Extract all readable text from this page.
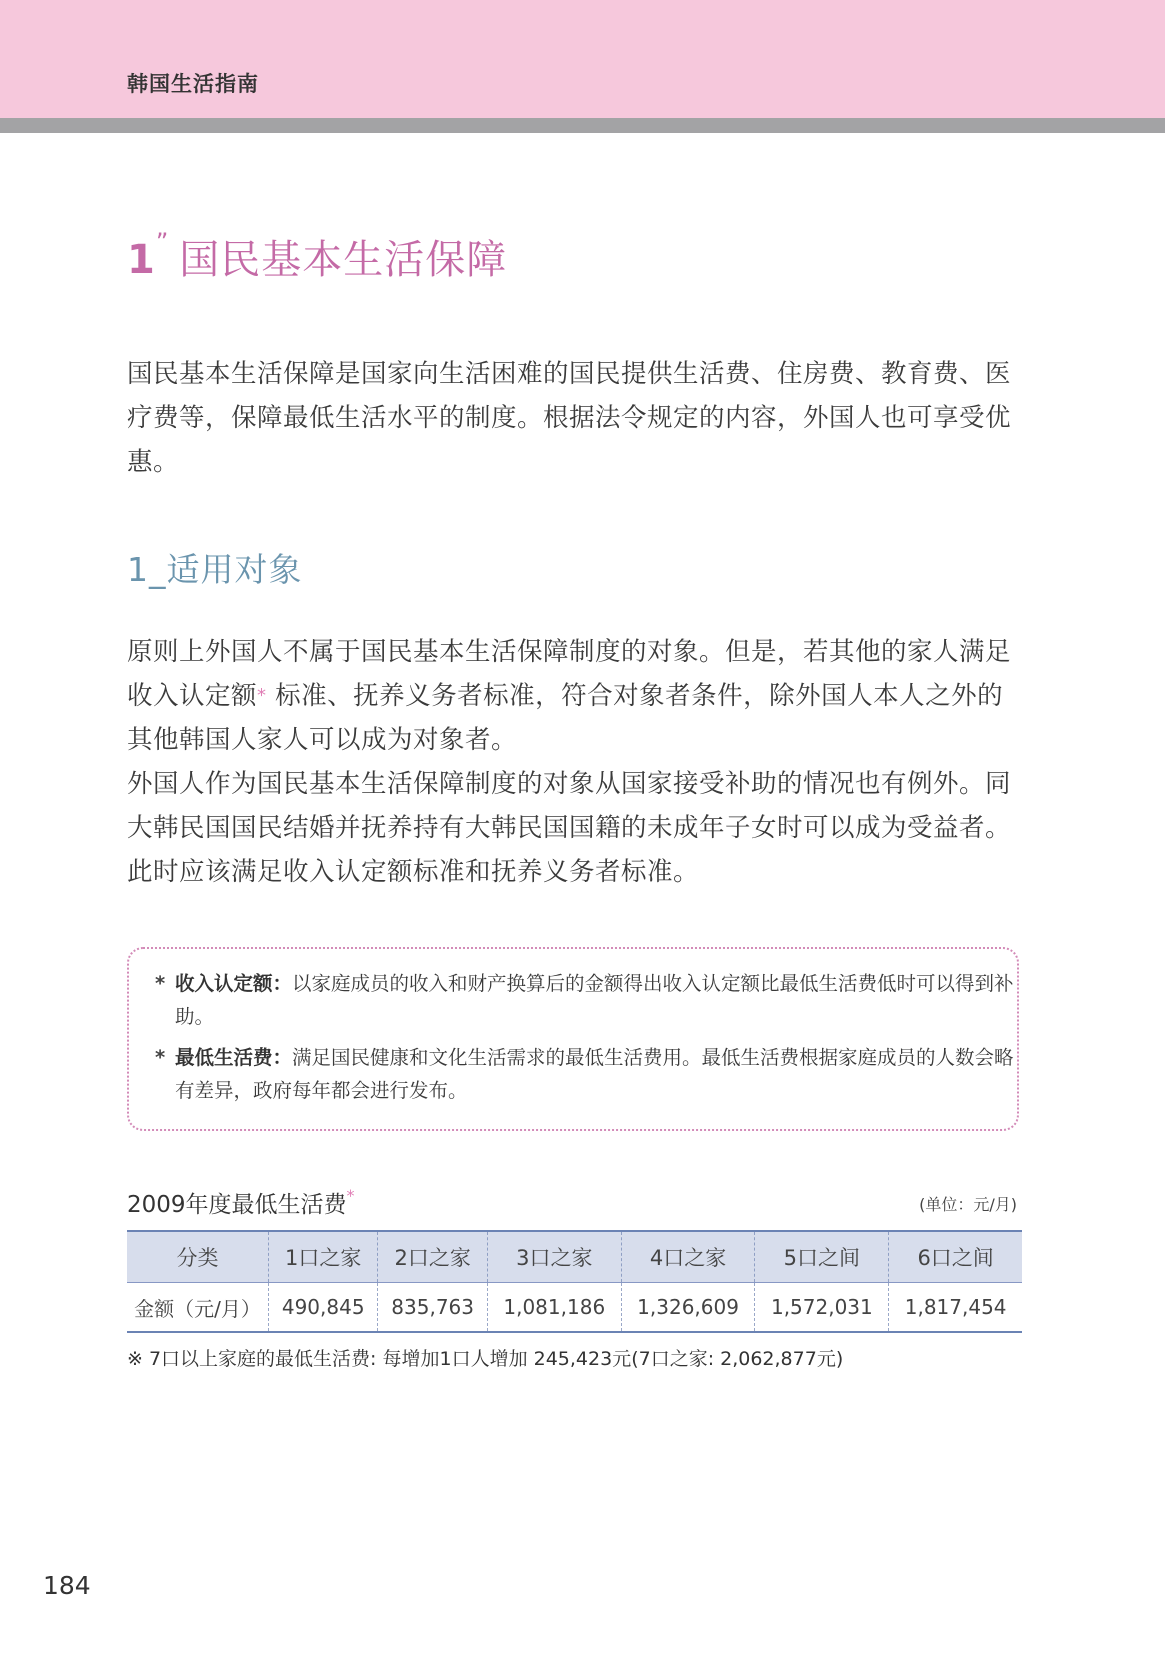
韩国生活指南
1” 国民基本生活保障

国民基本生活保障是国家向生活困难的国民提供生活费、住房费、教育费、医疗费等，保障最低生活水平的制度。根据法令规定的内容，外国人也可享受优惠。

1_适用对象

原则上外国人不属于国民基本生活保障制度的对象。但是，若其他的家人满足收入认定额* 标准、抚养义务者标准，符合对象者条件，除外国人本人之外的其他韩国人家人可以成为对象者。

外国人作为国民基本生活保障制度的对象从国家接受补助的情况也有例外。同大韩民国国民结婚并抚养持有大韩民国国籍的未成年子女时可以成为受益者。此时应该满足收入认定额标准和抚养义务者标准。

* 收入认定额：以家庭成员的收入和财产换算后的金额得出收入认定额比最低生活费低时可以得到补助。
* 最低生活费：满足国民健康和文化生活需求的最低生活费用。最低生活费根据家庭成员的人数会略有差异，政府每年都会进行发布。
2009年度最低生活费*	(单位：元/月)
分类	1口之家	2口之家	3口之家	4口之家	5口之间	6口之间
金额（元/月）	490,845	835,763	1,081,186	1,326,609	1,572,031	1,817,454
※ 7口以上家庭的最低生活费: 每增加1口人增加 245,423元(7口之家: 2,062,877元)
184
